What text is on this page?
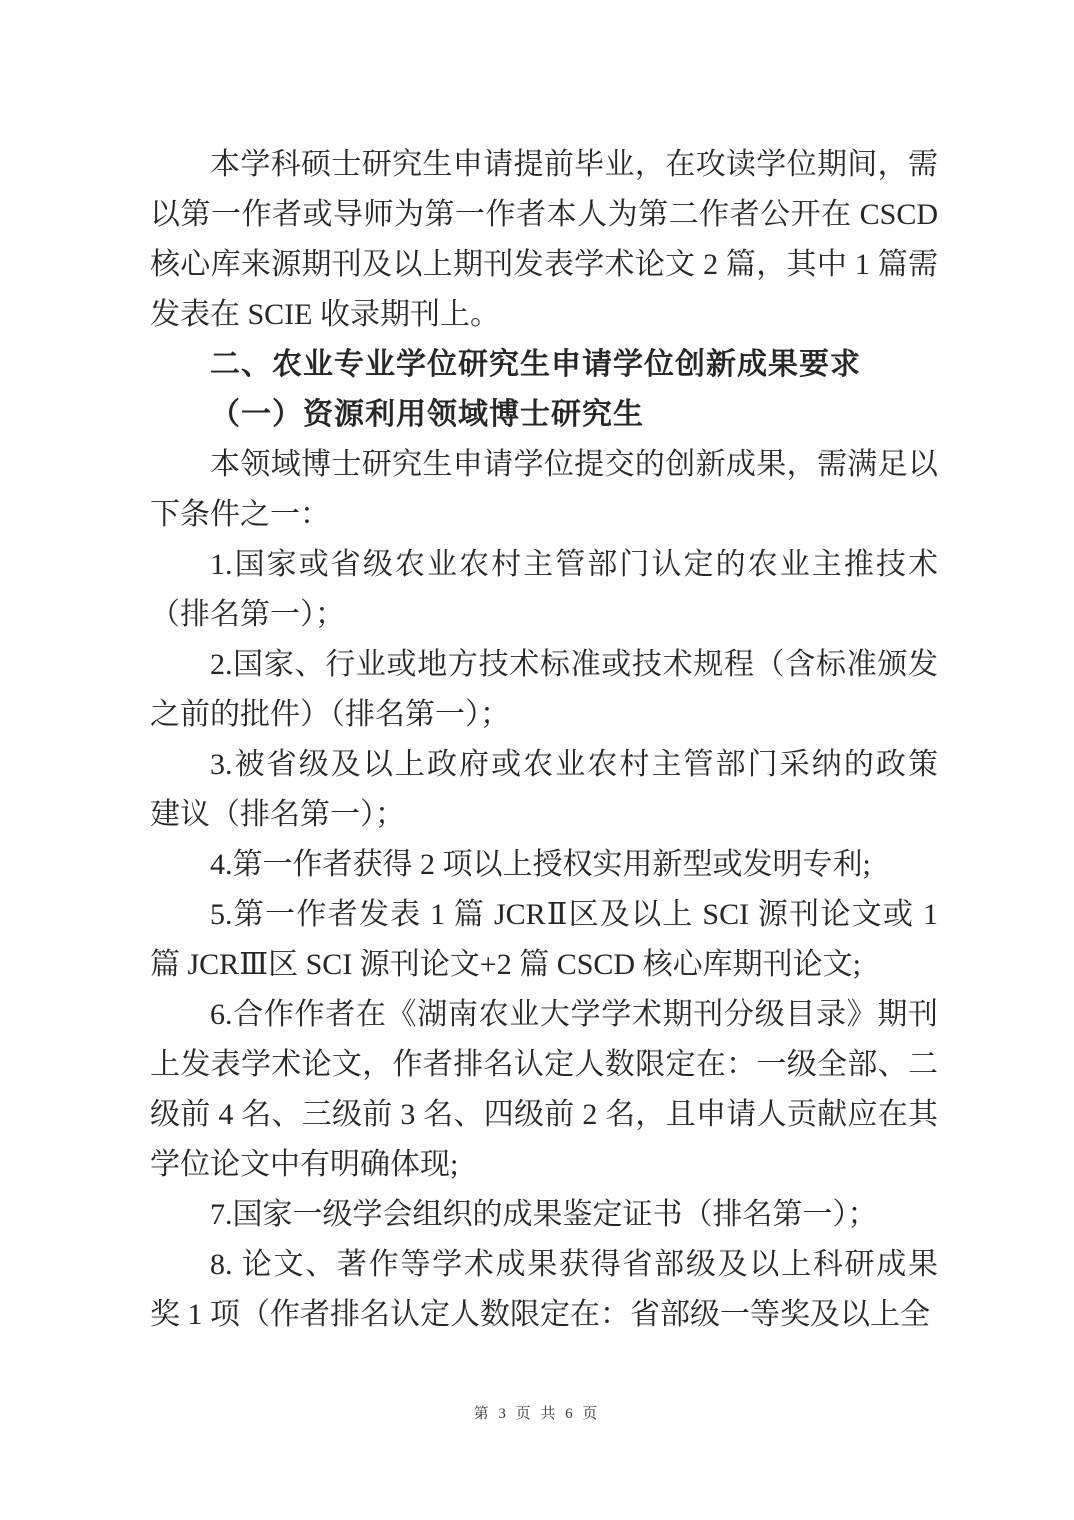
本学科硕士研究生申请提前毕业，在攻读学位期间，需
以第一作者或导师为第一作者本人为第二作者公开在 CSCD
核心库来源期刊及以上期刊发表学术论文 2 篇，其中 1 篇需
发表在 SCIE 收录期刊上。
二、农业专业学位研究生申请学位创新成果要求
（一）资源利用领域博士研究生
本领域博士研究生申请学位提交的创新成果，需满足以
下条件之一：
1.国家或省级农业农村主管部门认定的农业主推技术
（排名第一）；
2.国家、行业或地方技术标准或技术规程（含标准颁发
之前的批件）（排名第一）；
3.被省级及以上政府或农业农村主管部门采纳的政策
建议（排名第一）；
4.第一作者获得 2 项以上授权实用新型或发明专利;
5.第一作者发表 1 篇 JCRⅡ区及以上 SCI 源刊论文或 1
篇 JCRⅢ区 SCI 源刊论文+2 篇 CSCD 核心库期刊论文;
6.合作作者在《湖南农业大学学术期刊分级目录》期刊
上发表学术论文，作者排名认定人数限定在：一级全部、二
级前 4 名、三级前 3 名、四级前 2 名，且申请人贡献应在其
学位论文中有明确体现;
7.国家一级学会组织的成果鉴定证书（排名第一）；
8. 论文、著作等学术成果获得省部级及以上科研成果
奖 1 项（作者排名认定人数限定在：省部级一等奖及以上全
第 3 页 共 6 页
